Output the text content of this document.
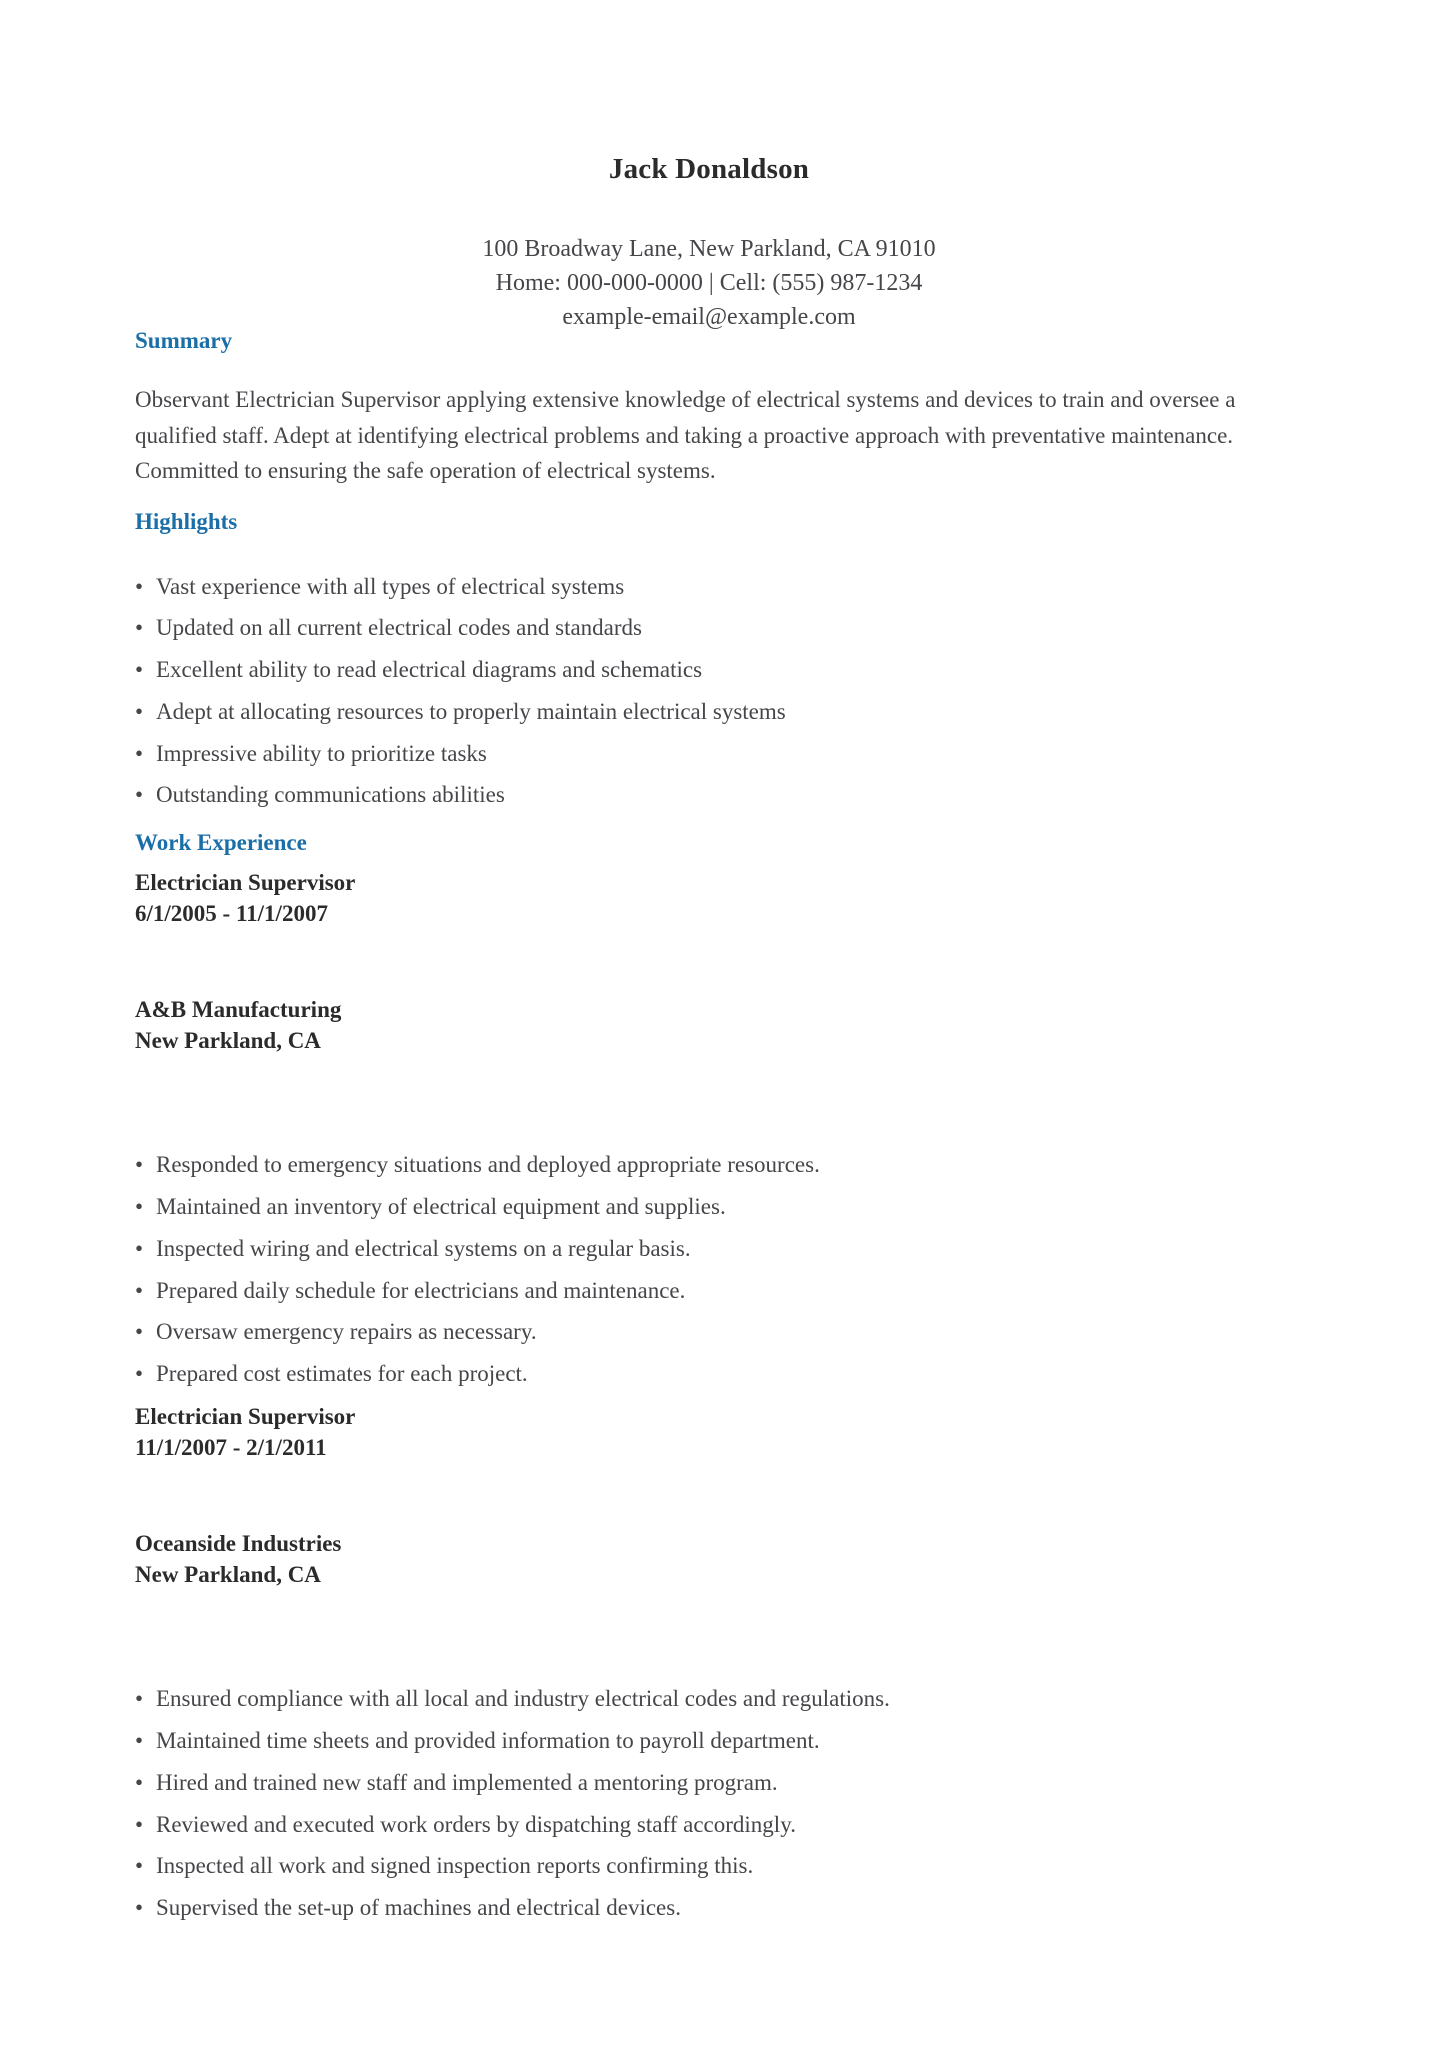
Jack Donaldson
100 Broadway Lane, New Parkland, CA 91010
Home: 000-000-0000 | Cell: (555) 987-1234
example-email@example.com
Summary

Observant Electrician Supervisor applying extensive knowledge of electrical systems and devices to train and oversee a qualified staff. Adept at identifying electrical problems and taking a proactive approach with preventative maintenance. Committed to ensuring the safe operation of electrical systems.

Highlights
• Vast experience with all types of electrical systems
• Updated on all current electrical codes and standards
• Excellent ability to read electrical diagrams and schematics
• Adept at allocating resources to properly maintain electrical systems
• Impressive ability to prioritize tasks
• Outstanding communications abilities
Work Experience
Electrician Supervisor
6/1/2005 - 11/1/2007
A&B Manufacturing
New Parkland, CA
• Responded to emergency situations and deployed appropriate resources.
• Maintained an inventory of electrical equipment and supplies.
• Inspected wiring and electrical systems on a regular basis.
• Prepared daily schedule for electricians and maintenance.
• Oversaw emergency repairs as necessary.
• Prepared cost estimates for each project.
Electrician Supervisor
11/1/2007 - 2/1/2011
Oceanside Industries
New Parkland, CA
• Ensured compliance with all local and industry electrical codes and regulations.
• Maintained time sheets and provided information to payroll department.
• Hired and trained new staff and implemented a mentoring program.
• Reviewed and executed work orders by dispatching staff accordingly.
• Inspected all work and signed inspection reports confirming this.
• Supervised the set-up of machines and electrical devices.
